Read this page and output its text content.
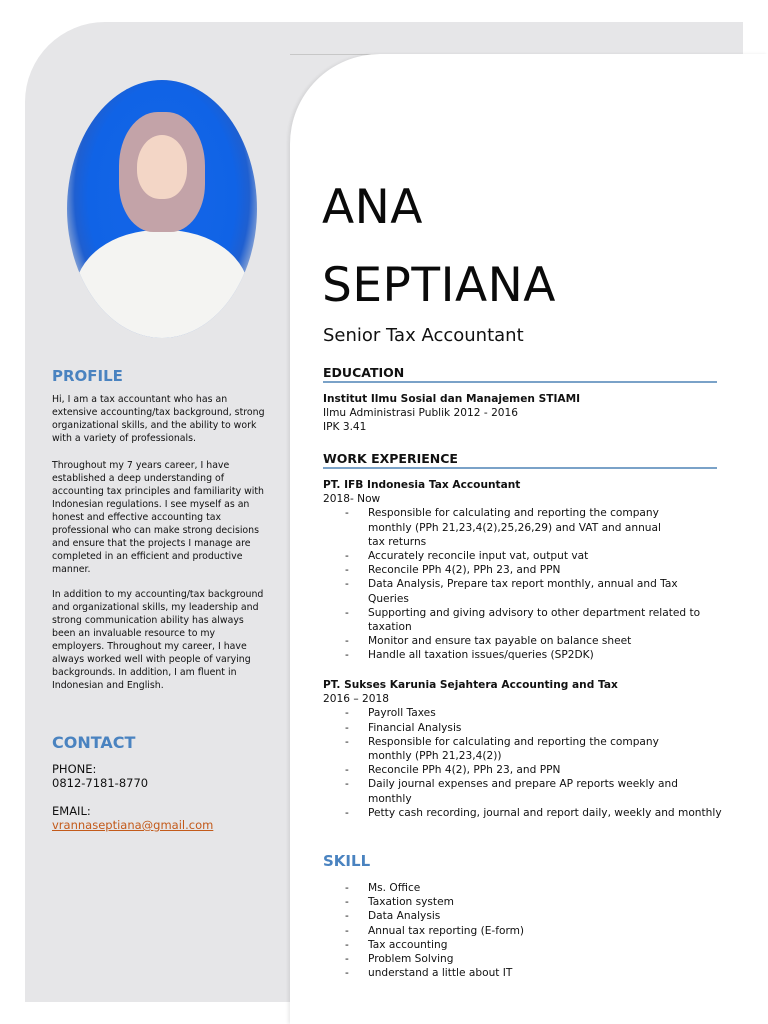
PROFILE
Hi, I am a tax accountant who has an extensive accounting/tax background, strong organizational skills, and the ability to work with a variety of professionals.
Throughout my 7 years career, I have established a deep understanding of accounting tax principles and familiarity with Indonesian regulations. I see myself as an honest and effective accounting tax professional who can make strong decisions and ensure that the projects I manage are completed in an efficient and productive manner.
In addition to my accounting/tax background and organizational skills, my leadership and strong communication ability has always been an invaluable resource to my employers. Throughout my career, I have always worked well with people of varying backgrounds. In addition, I am fluent in Indonesian and English.
CONTACT
PHONE:
0812-7181-8770
EMAIL:
vrannaseptiana@gmail.com
ANA
SEPTIANA
Senior Tax Accountant
EDUCATION
Institut Ilmu Sosial dan Manajemen STIAMI
Ilmu Administrasi Publik 2012 - 2016
IPK 3.41
WORK EXPERIENCE
PT. IFB Indonesia Tax Accountant
2018- Now
- Responsible for calculating and reporting the company monthly (PPh 21,23,4(2),25,26,29) and VAT and annual tax returns
- Accurately reconcile input vat, output vat
- Reconcile PPh 4(2), PPh 23, and PPN
- Data Analysis, Prepare tax report monthly, annual and Tax Queries
- Supporting and giving advisory to other department related to taxation
- Monitor and ensure tax payable on balance sheet
- Handle all taxation issues/queries (SP2DK)
PT. Sukses Karunia Sejahtera Accounting and Tax
2016 – 2018
- Payroll Taxes
- Financial Analysis
- Responsible for calculating and reporting the company monthly (PPh 21,23,4(2))
- Reconcile PPh 4(2), PPh 23, and PPN
- Daily journal expenses and prepare AP reports weekly and monthly
- Petty cash recording, journal and report daily, weekly and monthly
SKILL
- Ms. Office
- Taxation system
- Data Analysis
- Annual tax reporting (E-form)
- Tax accounting
- Problem Solving
- understand a little about IT
